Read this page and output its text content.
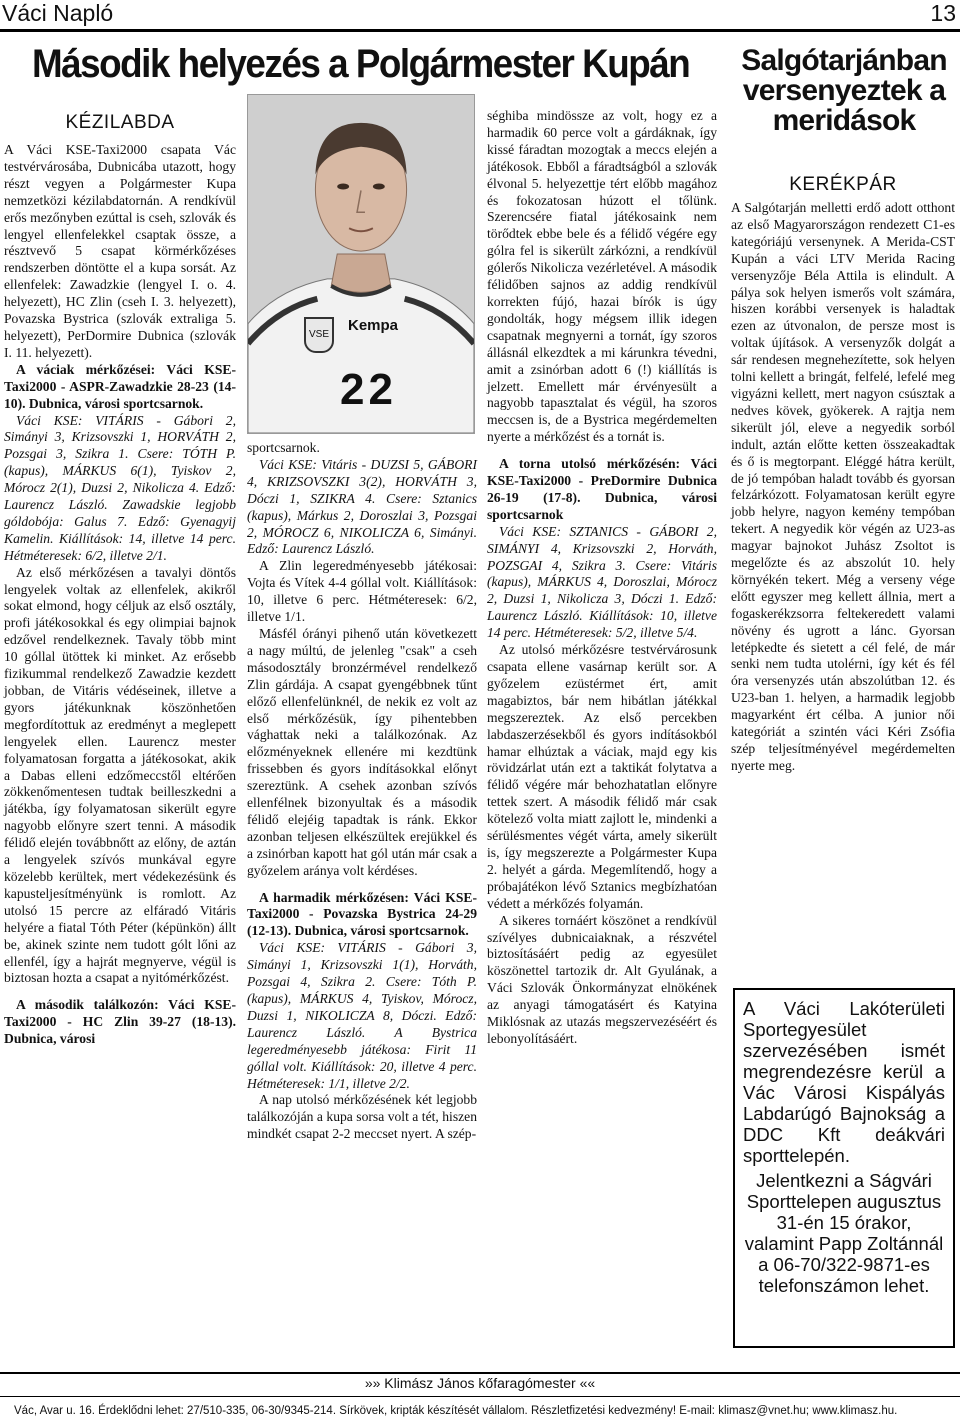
Váci Napló	13
Második helyezés a Polgármester Kupán
KÉZILABDA

A Váci KSE-Taxi2000 csapata Vác testvérvárosába, Dubnicába utazott, hogy részt vegyen a Polgármester Kupa nemzetközi kézilabdatornán. A rendkívül erős mezőnyben ezúttal is cseh, szlovák és lengyel ellenfelekkel csaptak össze, a résztvevő 5 csapat körmérkőzéses rendszerben döntötte el a kupa sorsát. Az ellenfelek: Zawadzkie (lengyel I. o. 4. helyezett), HC Zlin (cseh I. 3. helyezett), Povazska Bystrica (szlovák extraliga 5. helyezett), PerDormire Dubnica (szlovák I. 11. helyezett).

A váciak mérkőzései: Váci KSE-Taxi2000 - ASPR-Zawadzkie 28-23 (14-10). Dubnica, városi sportcsarnok.

Váci KSE: VITÁRIS - Gábori 2, Simányi 3, Krizsovszki 1, HORVÁTH 2, Pozsgai 3, Szikra 1. Csere: TÓTH P. (kapus), MÁRKUS 6(1), Tyiskov 2, Mórocz 2(1), Duzsi 2, Nikolicza 4. Edző: Laurencz László. Zawadskie legjobb góldobója: Galus 7. Edző: Gyenagyij Kamelin. Kiállítások: 14, illetve 14 perc. Hétméteresek: 6/2, illetve 2/1.

Az első mérkőzésen a tavalyi döntős lengyelek voltak az ellenfelek, akikről sokat elmond, hogy céljuk az első osztály, profi játékosokkal és egy olimpiai bajnok edzővel rendelkeznek. Tavaly több mint 10 góllal ütöttek ki minket. Az erősebb fizikummal rendelkező Zawadzie kezdett jobban, de Vitáris védéseinek, illetve a gyors játékunknak köszönhetően megfordítottuk az eredményt a meglepett lengyelek ellen. Laurencz mester folyamatosan forgatta a játékosokat, akik a Dabas elleni edzőmeccstől eltérően zökkenőmentesen tudtak beilleszkedni a játékba, így folyamatosan sikerült egyre nagyobb előnyre szert tenni. A második félidő elején továbbnőtt az előny, de aztán a lengyelek szívós munkával egyre közelebb kerültek, mert védekezésünk és kapusteljesítményünk is romlott. Az utolsó 15 percre az elfáradó Vitáris helyére a fiatal Tóth Péter (képünkön) állt be, akinek szinte nem tudott gólt lőni az ellenfél, így a hajrát megnyerve, végül is biztosan hozta a csapat a nyitómérkőzést.

A második találkozón: Váci KSE-Taxi2000 - HC Zlin 39-27 (18-13). Dubnica, városi

Kempa
VSE
22

sportcsarnok.

Váci KSE: Vitáris - DUZSI 5, GÁBORI 4, KRIZSOVSZKI 3(2), HORVÁTH 3, Dóczi 1, SZIKRA 4. Csere: Sztanics (kapus), Márkus 2, Doroszlai 3, Pozsgai 2, MÓROCZ 6, NIKOLICZA 6, Simányi. Edző: Laurencz László.

A Zlin legeredményesebb játékosai: Vojta és Vítek 4-4 góllal volt. Kiállítások: 10, illetve 6 perc. Hétméteresek: 6/2, illetve 1/1.

Másfél órányi pihenő után következett a nagy múltú, de jelenleg "csak" a cseh másodosztály bronzérmével rendelkező Zlin gárdája. A csapat gyengébbnek tűnt előző ellenfelünknél, de nekik ez volt az első mérkőzésük, így pihentebben vághattak neki a találkozónak. Az előzményeknek ellenére mi kezdtünk frissebben és gyors indításokkal előnyt szereztünk. A csehek azonban szívós ellenfélnek bizonyultak és a második félidő elejéig tapadtak is ránk. Ekkor azonban teljesen elkészültek erejükkel és a zsinórban kapott hat gól után már csak a győzelem aránya volt kérdéses.

A harmadik mérkőzésen: Váci KSE-Taxi2000 - Povazska Bystrica 24-29 (12-13). Dubnica, városi sportcsarnok.

Váci KSE: VITÁRIS - Gábori 3, Simányi 1, Krizsovszki 1(1), Horváth, Pozsgai 4, Szikra 2. Csere: Tóth P. (kapus), MÁRKUS 4, Tyiskov, Mórocz, Duzsi 1, NIKOLICZA 8, Dóczi. Edző: Laurencz László. A Bystrica legeredményesebb játékosa: Firit 11 góllal volt. Kiállítások: 20, illetve 4 perc. Hétméteresek: 1/1, illetve 2/2.

A nap utolsó mérkőzésének két legjobb találkozóján a kupa sorsa volt a tét, hiszen mindkét csapat 2-2 meccset nyert. A szép-

séghiba mindössze az volt, hogy ez a harmadik 60 perce volt a gárdáknak, így kissé fáradtan mozogtak a meccs elején a játékosok. Ebből a fáradtságból a szlovák élvonal 5. helyezettje tért előbb magához és fokozatosan húzott el tőlünk. Szerencsére fiatal játékosaink nem törődtek ebbe bele és a félidő végére egy gólra fel is sikerült zárkózni, a rendkívül gólerős Nikolicza vezérletével. A második félidőben sajnos az addig rendkívül korrekten fújó, hazai bírók is úgy gondolták, hogy mégsem illik idegen csapatnak megnyerni a tornát, így szoros állásnál elkezdtek a mi kárunkra tévedni, amit a zsinórban adott 6 (!) kiállítás is jelzett. Emellett már érvényesült a nagyobb tapasztalat és végül, ha szoros meccsen is, de a Bystrica megérdemelten nyerte a mérkőzést és a tornát is.

A torna utolsó mérkőzésén: Váci KSE-Taxi2000 - PreDormire Dubnica 26-19 (17-8). Dubnica, városi sportcsarnok

Váci KSE: SZTANICS - GÁBORI 2, SIMÁNYI 4, Krizsovszki 2, Horváth, POZSGAI 4, Szikra 3. Csere: Vitáris (kapus), MÁRKUS 4, Doroszlai, Mórocz 2, Duzsi 1, Nikolicza 3, Dóczi 1. Edző: Laurencz László. Kiállítások: 10, illetve 14 perc. Hétméteresek: 5/2, illetve 5/4.

Az utolsó mérkőzésre testvérvárosunk csapata ellene vasárnap került sor. A győzelem ezüstérmet ért, amit magabiztos, bár nem hibátlan játékkal megszereztek. Az első percekben labdaszerzésekből és gyors indításokból hamar elhúztak a váciak, majd egy kis rövidzárlat után ezt a taktikát folytatva a félidő végére már behozhatatlan előnyre tettek szert. A második félidő már csak kötelező volta miatt zajlott le, mindenki a sérülésmentes végét várta, amely sikerült is, így megszerezte a Polgármester Kupa 2. helyét a gárda. Megemlítendő, hogy a próbajátékon lévő Sztanics megbízhatóan védett a mérkőzés folyamán.

A sikeres tornáért köszönet a rendkívül szívélyes dubnicaiaknak, a részvétel biztosításáért pedig az egyesület köszönettel tartozik dr. Alt Gyulának, a Váci Szlovák Önkormányzat elnökének az anyagi támogatásért és Katyina Miklósnak az utazás megszervezéséért és lebonyolításáért.

Salgótarjánban versenyeztek a meridások
KERÉKPÁR

A Salgótarján melletti erdő adott otthont az első Magyarországon rendezett C1-es kategóriájú versenynek. A Merida-CST Kupán a váci LTV Merida Racing versenyzője Béla Attila is elindult. A pálya sok helyen ismerős volt számára, hiszen korábbi versenyek is haladtak ezen az útvonalon, de persze most is voltak újítások. A versenyzők dolgát a sár rendesen megnehezítette, sok helyen tolni kellett a bringát, felfelé, lefelé meg vigyázni kellett, mert nagyon csúsztak a nedves kövek, gyökerek. A rajtja nem sikerült jól, eleve a negyedik sorból indult, aztán előtte ketten összeakadtak és ő is megtorpant. Eléggé hátra került, de jó tempóban haladt tovább és gyorsan felzárkózott. Folyamatosan került egyre jobb helyre, nagyon kemény tempóban tekert. A negyedik kör végén az U23-as magyar bajnokot Juhász Zsoltot is megelőzte és az abszolút 10. hely környékén tekert. Még a verseny vége előtt egyszer meg kellett állnia, mert a fogaskerékzsorra feltekeredett valami növény és ugrott a lánc. Gyorsan letépkedte és sietett a cél felé, de már senki nem tudta utolérni, így két és fél óra versenyzés után abszolútban 12. és U23-ban 1. helyen, a harmadik legjobb magyarként ért célba. A junior női kategóriát a szintén váci Kéri Zsófia szép teljesítményével megérdemelten nyerte meg.

A Váci Lakóterületi Sportegyesület szervezésében ismét megrendezésre kerül a Vác Városi Kispályás Labdarúgó Bajnokság a DDC Kft deákvári sporttelepén.

Jelentkezni a Ságvári Sporttelepen augusztus 31-én 15 órakor, valamint Papp Zoltánnál a 06-70/322-9871-es telefonszámon lehet.

»» Klimász János kőfaragómester ««
Vác, Avar u. 16. Érdeklődni lehet: 27/510-335, 06-30/9345-214. Sírkövek, kripták készítését vállalom. Részletfizetési kedvezmény! E-mail: klimasz@vnet.hu; www.klimasz.hu.
